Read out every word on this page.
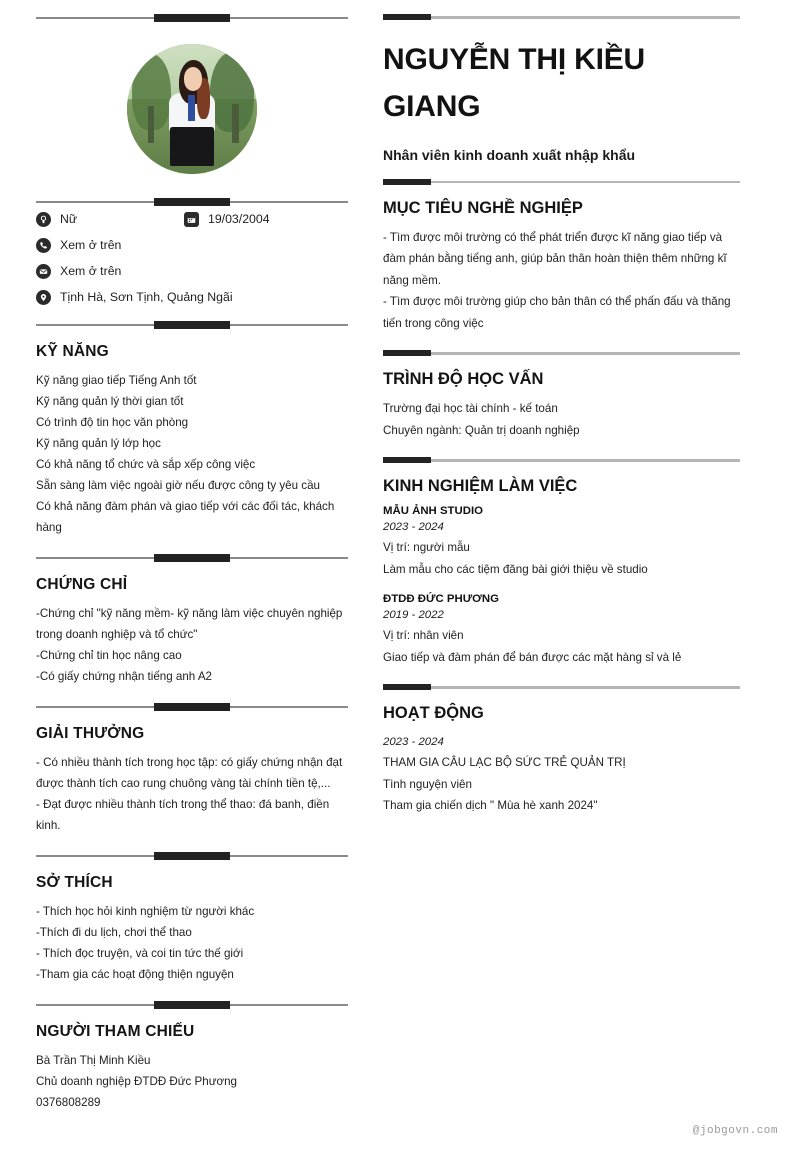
Nữ	19/03/2004
Xem ở trên
Xem ở trên
Tịnh Hà, Sơn Tịnh, Quảng Ngãi
KỸ NĂNG
Kỹ năng giao tiếp Tiếng Anh tốt
Kỹ năng quản lý thời gian tốt
Có trình độ tin học văn phòng
Kỹ năng quản lý lớp học
Có khả năng tổ chức và sắp xếp công việc
Sẵn sàng làm việc ngoài giờ nếu được công ty yêu cầu
Có khả năng đàm phán và giao tiếp với các đối tác, khách hàng
CHỨNG CHỈ
-Chứng chỉ "kỹ năng mềm- kỹ năng làm việc chuyên nghiệp trong doanh nghiệp và tổ chức"
-Chứng chỉ tin học nâng cao
-Có giấy chứng nhận tiếng anh A2
GIẢI THƯỞNG
- Có nhiều thành tích trong học tập: có giấy chứng nhận đạt được thành tích cao rung chuông vàng tài chính tiền tệ,...
- Đạt được nhiều thành tích trong thể thao: đá banh, điền kinh.
SỞ THÍCH
- Thích học hỏi kinh nghiệm từ người khác
-Thích đi du lịch, chơi thể thao
- Thích đọc truyện, và coi tin tức thế giới
-Tham gia các hoạt động thiện nguyện
NGƯỜI THAM CHIẾU
Bà Trần Thị Minh Kiều
Chủ doanh nghiệp ĐTDĐ Đức Phương
0376808289
NGUYỄN THỊ KIỀU GIANG
Nhân viên kinh doanh xuất nhập khẩu
MỤC TIÊU NGHỀ NGHIỆP
- Tìm được môi trường có thể phát triển được kĩ năng giao tiếp và đàm phán bằng tiếng anh, giúp bản thân hoàn thiện thêm những kĩ năng mềm.
- Tìm được môi trường giúp cho bản thân có thể phấn đấu và thăng tiến trong công việc
TRÌNH ĐỘ HỌC VẤN
Trường đại học tài chính - kế toán
Chuyên ngành: Quản trị doanh nghiệp
KINH NGHIỆM LÀM VIỆC
MẪU ẢNH STUDIO
2023 - 2024
Vị trí: người mẫu
Làm mẫu cho các tiệm đăng bài giới thiệu về studio
ĐTDĐ ĐỨC PHƯƠNG
2019 - 2022
Vị trí: nhân viên
Giao tiếp và đàm phán để bán được các mặt hàng sỉ và lẻ
HOẠT ĐỘNG
2023 - 2024
THAM GIA CÂU LẠC BỘ SỨC TRẺ QUẢN TRỊ
Tình nguyện viên
Tham gia chiến dịch " Mùa hè xanh 2024"
@jobgovn.com
